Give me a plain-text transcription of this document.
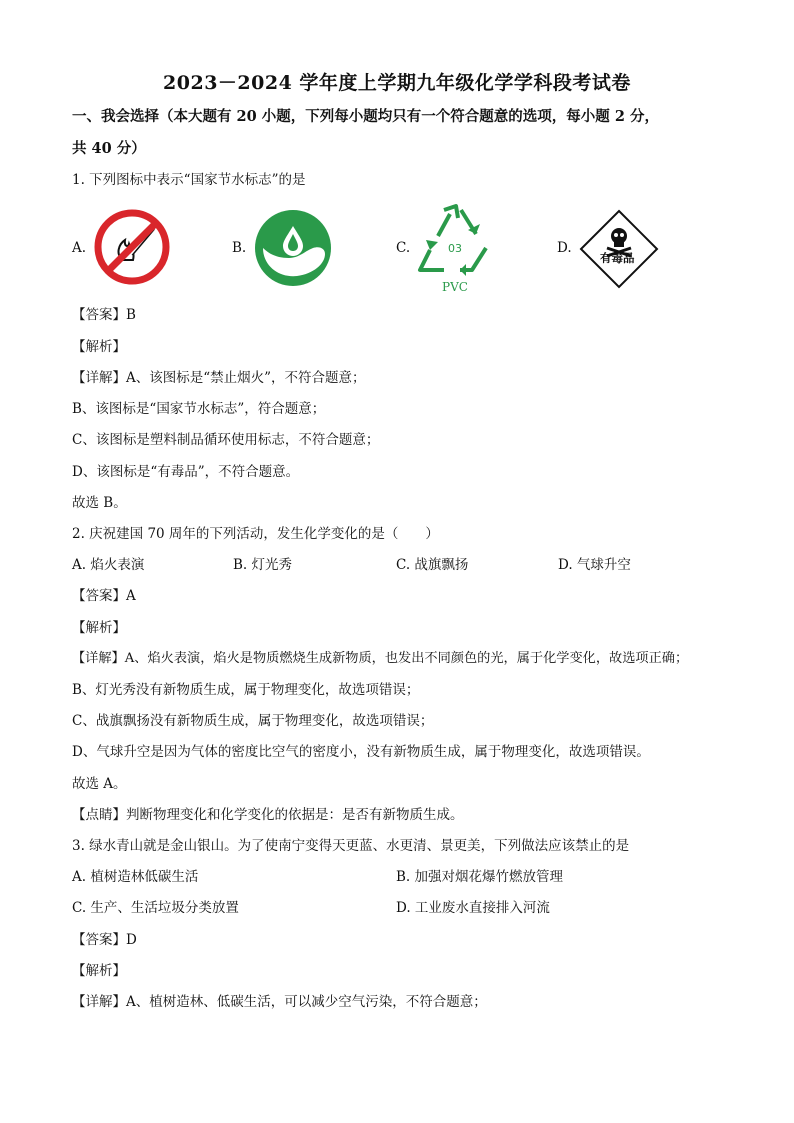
2023－2024 学年度上学期九年级化学学科段考试卷
一、我会选择（本大题有 20 小题，下列每小题均只有一个符合题意的选项，每小题 2 分，
共 40 分）
1. 下列图标中表示“国家节水标志”的是
A.	B.	C.	03
PVC
D.
有毒品
【答案】B
【解析】
【详解】A、该图标是“禁止烟火”，不符合题意；
B、该图标是“国家节水标志”，符合题意；
C、该图标是塑料制品循环使用标志，不符合题意；
D、该图标是“有毒品”，不符合题意。
故选 B。
2. 庆祝建国 70 周年的下列活动，发生化学变化的是（　　）
A. 焰火表演	B. 灯光秀	C. 战旗飘扬	D. 气球升空
【答案】A
【解析】
【详解】A、焰火表演，焰火是物质燃烧生成新物质，也发出不同颜色的光，属于化学变化，故选项正确；
B、灯光秀没有新物质生成，属于物理变化，故选项错误；
C、战旗飘扬没有新物质生成，属于物理变化，故选项错误；
D、气球升空是因为气体的密度比空气的密度小，没有新物质生成，属于物理变化，故选项错误。
故选 A。
【点睛】判断物理变化和化学变化的依据是：是否有新物质生成。
3. 绿水青山就是金山银山。为了使南宁变得天更蓝、水更清、景更美，下列做法应该禁止的是
A. 植树造林低碳生活	B. 加强对烟花爆竹燃放管理
C. 生产、生活垃圾分类放置	D. 工业废水直接排入河流
【答案】D
【解析】
【详解】A、植树造林、低碳生活，可以减少空气污染，不符合题意；
